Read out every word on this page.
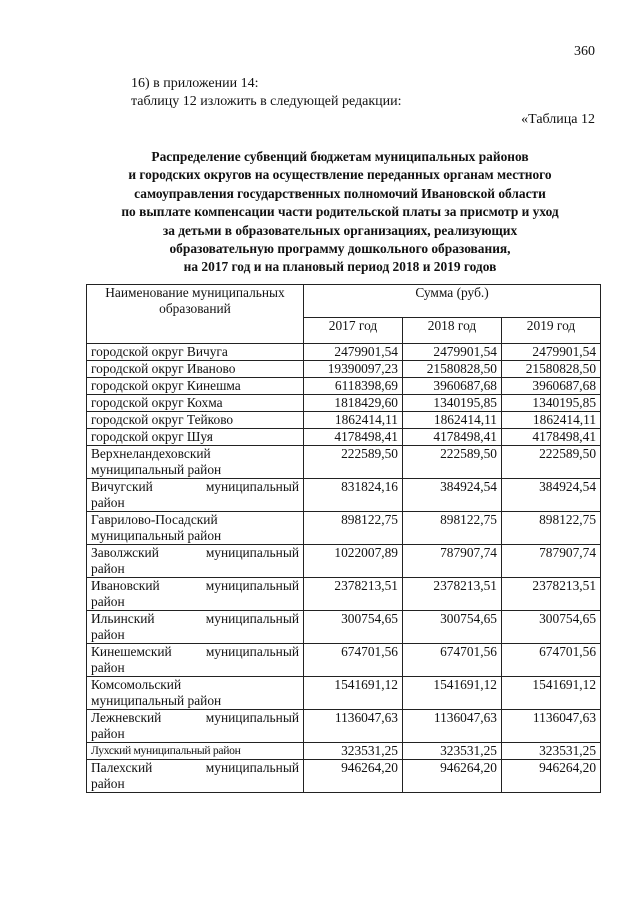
360
16) в приложении 14:
таблицу 12 изложить в следующей редакции:
«Таблица 12
Распределение субвенций бюджетам муниципальных районов
и городских округов на осуществление переданных органам местного
самоуправления государственных полномочий Ивановской области
по выплате компенсации части родительской платы за присмотр и уход
за детьми в образовательных организациях, реализующих
образовательную программу дошкольного образования,
на 2017 год и на плановый период 2018 и 2019 годов
Наименование муниципальных
образований	Сумма (руб.)		
	2017 год	2018 год	2019 год
городской округ Вичуга	2479901,54	2479901,54	2479901,54
городской округ Иваново	19390097,23	21580828,50	21580828,50
городской округ Кинешма	6118398,69	3960687,68	3960687,68
городской округ Кохма	1818429,60	1340195,85	1340195,85
городской округ Тейково	1862414,11	1862414,11	1862414,11
городской округ Шуя	4178498,41	4178498,41	4178498,41

Верхнеландеховский
муниципальный район	222589,50	222589,50	222589,50

Вичугский муниципальный
район	831824,16	384924,54	384924,54

Гаврилово-Посадский
муниципальный район	898122,75	898122,75	898122,75

Заволжский муниципальный
район	1022007,89	787907,74	787907,74

Ивановский муниципальный
район	2378213,51	2378213,51	2378213,51

Ильинский муниципальный
район	300754,65	300754,65	300754,65

Кинешемский муниципальный
район	674701,56	674701,56	674701,56

Комсомольский
муниципальный район	1541691,12	1541691,12	1541691,12

Лежневский муниципальный
район	1136047,63	1136047,63	1136047,63
Лухский муниципальный район	323531,25	323531,25	323531,25

Палехский муниципальный
район	946264,20	946264,20	946264,20
